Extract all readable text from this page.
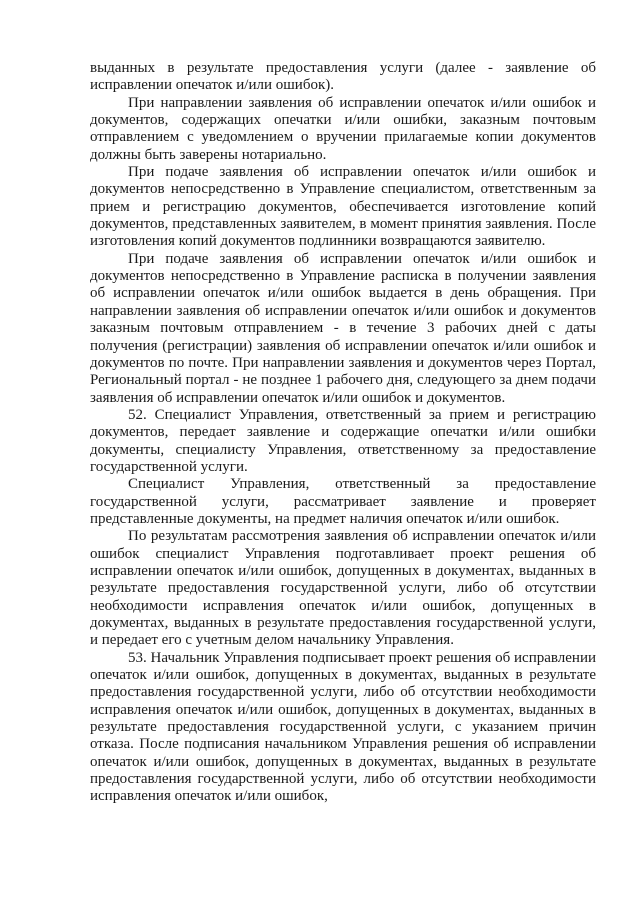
выданных в результате предоставления услуги (далее - заявление об исправлении опечаток и/или ошибок).

При направлении заявления об исправлении опечаток и/или ошибок и документов, содержащих опечатки и/или ошибки, заказным почтовым отправлением с уведомлением о вручении прилагаемые копии документов должны быть заверены нотариально.

При подаче заявления об исправлении опечаток и/или ошибок и документов непосредственно в Управление специалистом, ответственным за прием и регистрацию документов, обеспечивается изготовление копий документов, представленных заявителем, в момент принятия заявления. После изготовления копий документов подлинники возвращаются заявителю.

При подаче заявления об исправлении опечаток и/или ошибок и документов непосредственно в Управление расписка в получении заявления об исправлении опечаток и/или ошибок выдается в день обращения. При направлении заявления об исправлении опечаток и/или ошибок и документов заказным почтовым отправлением - в течение 3 рабочих дней с даты получения (регистрации) заявления об исправлении опечаток и/или ошибок и документов по почте. При направлении заявления и документов через Портал, Региональный портал - не позднее 1 рабочего дня, следующего за днем подачи заявления об исправлении опечаток и/или ошибок и документов.

52. Специалист Управления, ответственный за прием и регистрацию документов, передает заявление и содержащие опечатки и/или ошибки документы, специалисту Управления, ответственному за предоставление государственной услуги.

Специалист Управления, ответственный за предоставление государственной услуги, рассматривает заявление и проверяет представленные документы, на предмет наличия опечаток и/или ошибок.

По результатам рассмотрения заявления об исправлении опечаток и/или ошибок специалист Управления подготавливает проект решения об исправлении опечаток и/или ошибок, допущенных в документах, выданных в результате предоставления государственной услуги, либо об отсутствии необходимости исправления опечаток и/или ошибок, допущенных в документах, выданных в результате предоставления государственной услуги, и передает его с учетным делом начальнику Управления.

53. Начальник Управления подписывает проект решения об исправлении опечаток и/или ошибок, допущенных в документах, выданных в результате предоставления государственной услуги, либо об отсутствии необходимости исправления опечаток и/или ошибок, допущенных в документах, выданных в результате предоставления государственной услуги, с указанием причин отказа. После подписания начальником Управления решения об исправлении опечаток и/или ошибок, допущенных в документах, выданных в результате предоставления государственной услуги, либо об отсутствии необходимости исправления опечаток и/или ошибок,
